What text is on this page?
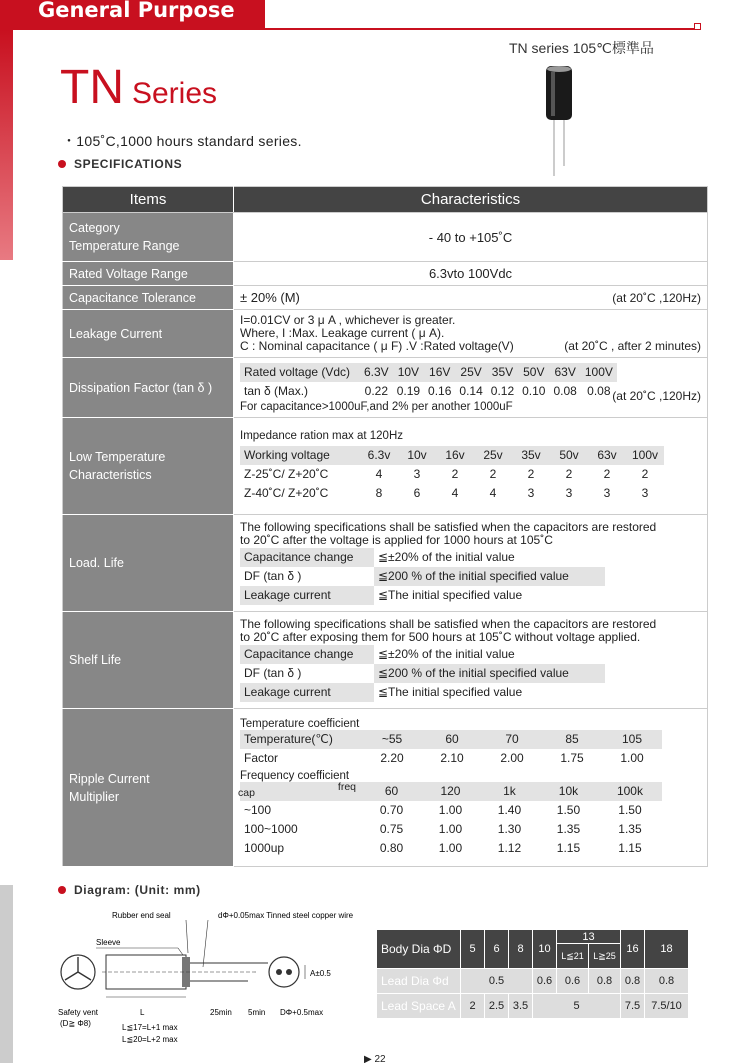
General Purpose
TN series 105℃標準品
TN Series
・105˚C,1000 hours standard series.
SPECIFICATIONS
Items	Characteristics
Category
Temperature Range	- 40 to +105˚C
Rated Voltage Range	6.3vto 100Vdc
Capacitance Tolerance	± 20% (M)	(at 20˚C ,120Hz)

Leakage Current	I=0.01CV or 3 μ A , whichever is greater.
Where, I :Max. Leakage current ( μ A).
C : Nominal capacitance ( μ F) .V :Rated voltage(V)	(at 20˚C , after 2 minutes)

Dissipation Factor (tan δ )	
Rated voltage (Vdc)	6.3V	10V	16V	25V	35V	50V	63V	100V
tan δ (Max.)	0.22	0.19	0.16	0.14	0.12	0.10	0.08	0.08
For capacitance>1000uF,and 2% per another 1000uF
(at 20˚C ,120Hz)

Low Temperature
Characteristics	
Impedance ration max at 120Hz
Working voltage	6.3v	10v	16v	25v	35v	50v	63v	100v
Z-25˚C/ Z+20˚C	4	3	2	2	2	2	2	2
Z-40˚C/ Z+20˚C	8	6	4	4	3	3	3	3

Load. Life	
The following specifications shall be satisfied when the capacitors are restored
to 20˚C after the voltage is applied for 1000 hours at 105˚C
Capacitance change	≦±20% of the initial value
DF (tan δ )	≦200 % of the initial specified value
Leakage current	≦The initial specified value

Shelf Life	
The following specifications shall be satisfied when the capacitors are restored
to 20˚C after exposing them for 500 hours at 105˚C without voltage applied.
Capacitance change	≦±20% of the initial value
DF (tan δ )	≦200 % of the initial specified value
Leakage current	≦The initial specified value

Ripple Current
Multiplier	
Temperature coefficient
Temperature(℃)	~55	60	70	85	105
Factor	2.20	2.10	2.00	1.75	1.00
Frequency coefficient
cap	freq	60	120	1k	10k	100k
~100	0.70	1.00	1.40	1.50	1.50
100~1000	0.75	1.00	1.30	1.35	1.35
1000up	0.80	1.00	1.12	1.15	1.15
Diagram: (Unit: mm)
Rubber end seal	dΦ+0.05max Tinned steel copper wire
Sleeve
A±0.5
L
Safety vent
(D≧ Φ8)	L≦17=L+1 max
L≦20=L+2 max
25min 5min DΦ+0.5max
Body Dia ΦD	5	6	8	10	13		16	18
					L≦21	L≧25		
Lead Dia Φd	0.5			0.6	0.6	0.8	0.8	0.8
Lead Space A	2	2.5	3.5	5			7.5	7.5/10
▶ 22
